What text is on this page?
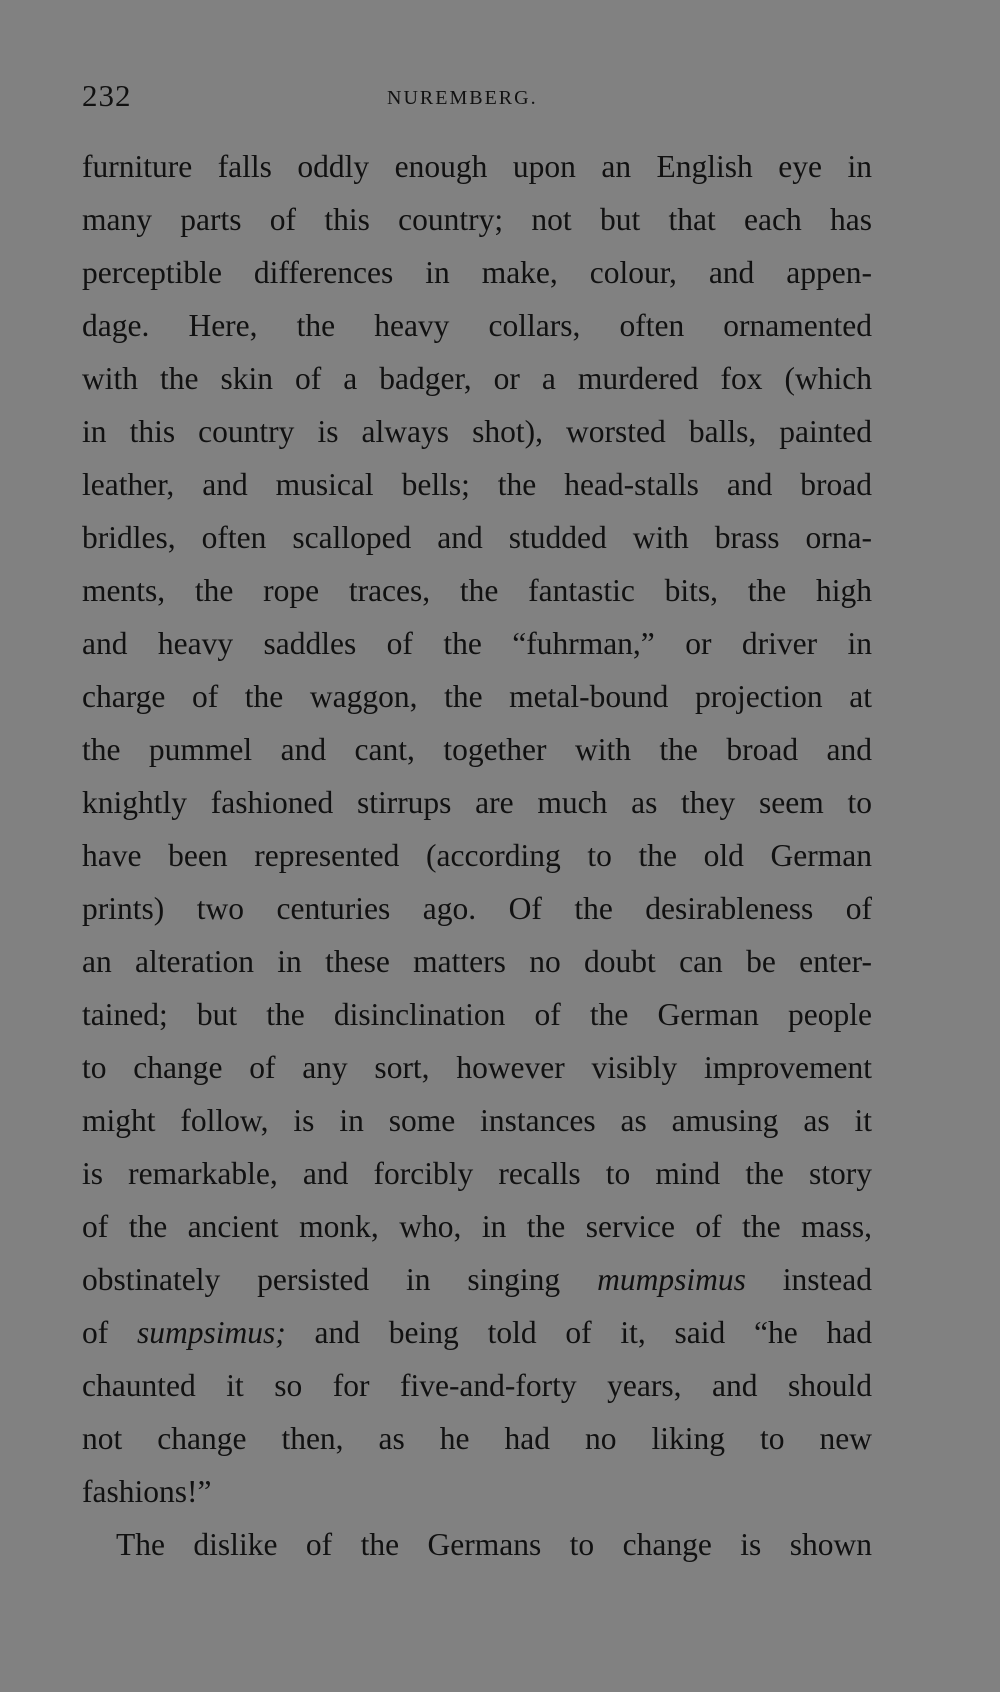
232	NUREMBERG.
furniture falls oddly enough upon an English eye in
many parts of this country; not but that each has
perceptible differences in make, colour, and appen-
dage. Here, the heavy collars, often ornamented
with the skin of a badger, or a murdered fox (which
in this country is always shot), worsted balls, painted
leather, and musical bells; the head-stalls and broad
bridles, often scalloped and studded with brass orna-
ments, the rope traces, the fantastic bits, the high
and heavy saddles of the “fuhrman,” or driver in
charge of the waggon, the metal-bound projection at
the pummel and cant, together with the broad and
knightly fashioned stirrups are much as they seem to
have been represented (according to the old German
prints) two centuries ago. Of the desirableness of
an alteration in these matters no doubt can be enter-
tained; but the disinclination of the German people
to change of any sort, however visibly improvement
might follow, is in some instances as amusing as it
is remarkable, and forcibly recalls to mind the story
of the ancient monk, who, in the service of the mass,
obstinately persisted in singing mumpsimus instead
of sumpsimus; and being told of it, said “he had
chaunted it so for five-and-forty years, and should
not change then, as he had no liking to new
fashions!”
The dislike of the Germans to change is shown
